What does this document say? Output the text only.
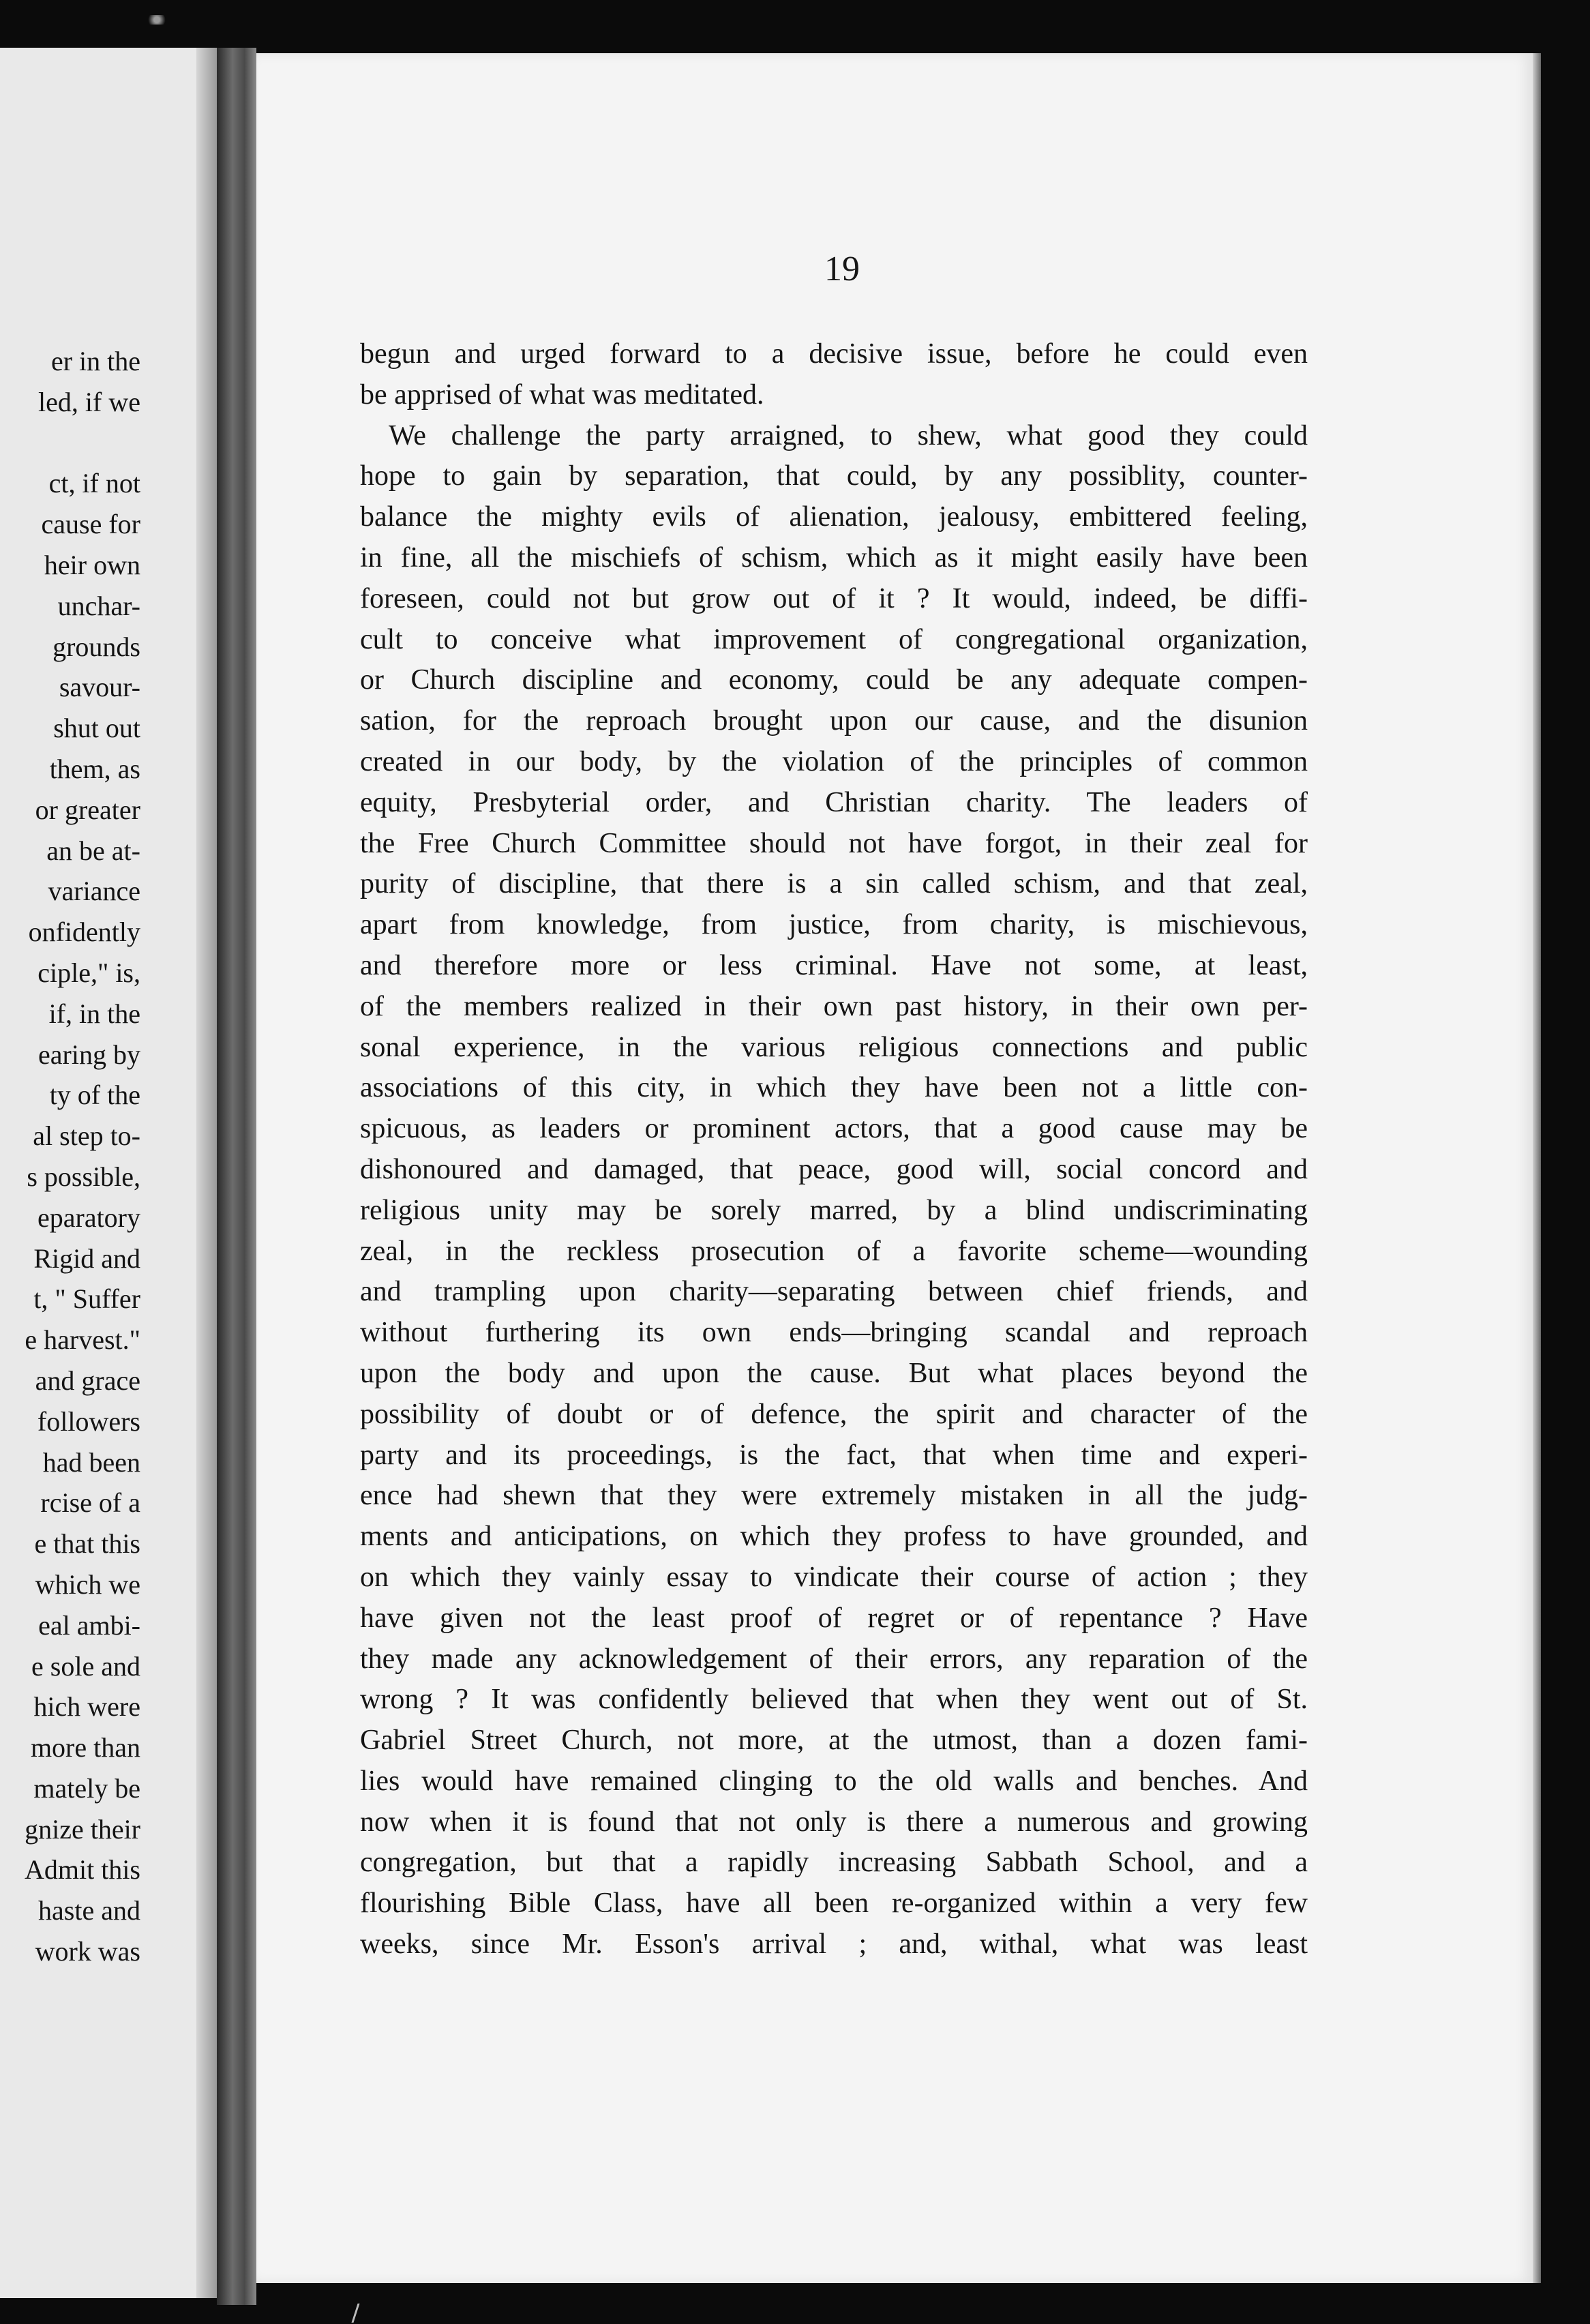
er in the
led, if we
ct, if not
cause for
heir own
unchar-
grounds
savour-
shut out
them, as
or greater
an be at-
variance
onfidently
ciple," is,
if, in the
earing by
ty of the
al step to-
s possible,
eparatory
Rigid and
t, " Suffer
e harvest."
and grace
followers
had been
rcise of a
e that this
which we
eal ambi-
e sole and
hich were
more than
mately be
gnize their
Admit this
haste and
work was
19
begun and urged forward to a decisive issue, before he could even
be apprised of what was meditated.
We challenge the party arraigned, to shew, what good they could
hope to gain by separation, that could, by any possiblity, counter-
balance the mighty evils of alienation, jealousy, embittered feeling,
in fine, all the mischiefs of schism, which as it might easily have been
foreseen, could not but grow out of it ? It would, indeed, be diffi-
cult to conceive what improvement of congregational organization,
or Church discipline and economy, could be any adequate compen-
sation, for the reproach brought upon our cause, and the disunion
created in our body, by the violation of the principles of common
equity, Presbyterial order, and Christian charity. The leaders of
the Free Church Committee should not have forgot, in their zeal for
purity of discipline, that there is a sin called schism, and that zeal,
apart from knowledge, from justice, from charity, is mischievous,
and therefore more or less criminal. Have not some, at least,
of the members realized in their own past history, in their own per-
sonal experience, in the various religious connections and public
associations of this city, in which they have been not a little con-
spicuous, as leaders or prominent actors, that a good cause may be
dishonoured and damaged, that peace, good will, social concord and
religious unity may be sorely marred, by a blind undiscriminating
zeal, in the reckless prosecution of a favorite scheme—wounding
and trampling upon charity—separating between chief friends, and
without furthering its own ends—bringing scandal and reproach
upon the body and upon the cause. But what places beyond the
possibility of doubt or of defence, the spirit and character of the
party and its proceedings, is the fact, that when time and experi-
ence had shewn that they were extremely mistaken in all the judg-
ments and anticipations, on which they profess to have grounded, and
on which they vainly essay to vindicate their course of action ; they
have given not the least proof of regret or of repentance ? Have
they made any acknowledgement of their errors, any reparation of the
wrong ? It was confidently believed that when they went out of St.
Gabriel Street Church, not more, at the utmost, than a dozen fami-
lies would have remained clinging to the old walls and benches. And
now when it is found that not only is there a numerous and growing
congregation, but that a rapidly increasing Sabbath School, and a
flourishing Bible Class, have all been re-organized within a very few
weeks, since Mr. Esson's arrival ; and, withal, what was least
